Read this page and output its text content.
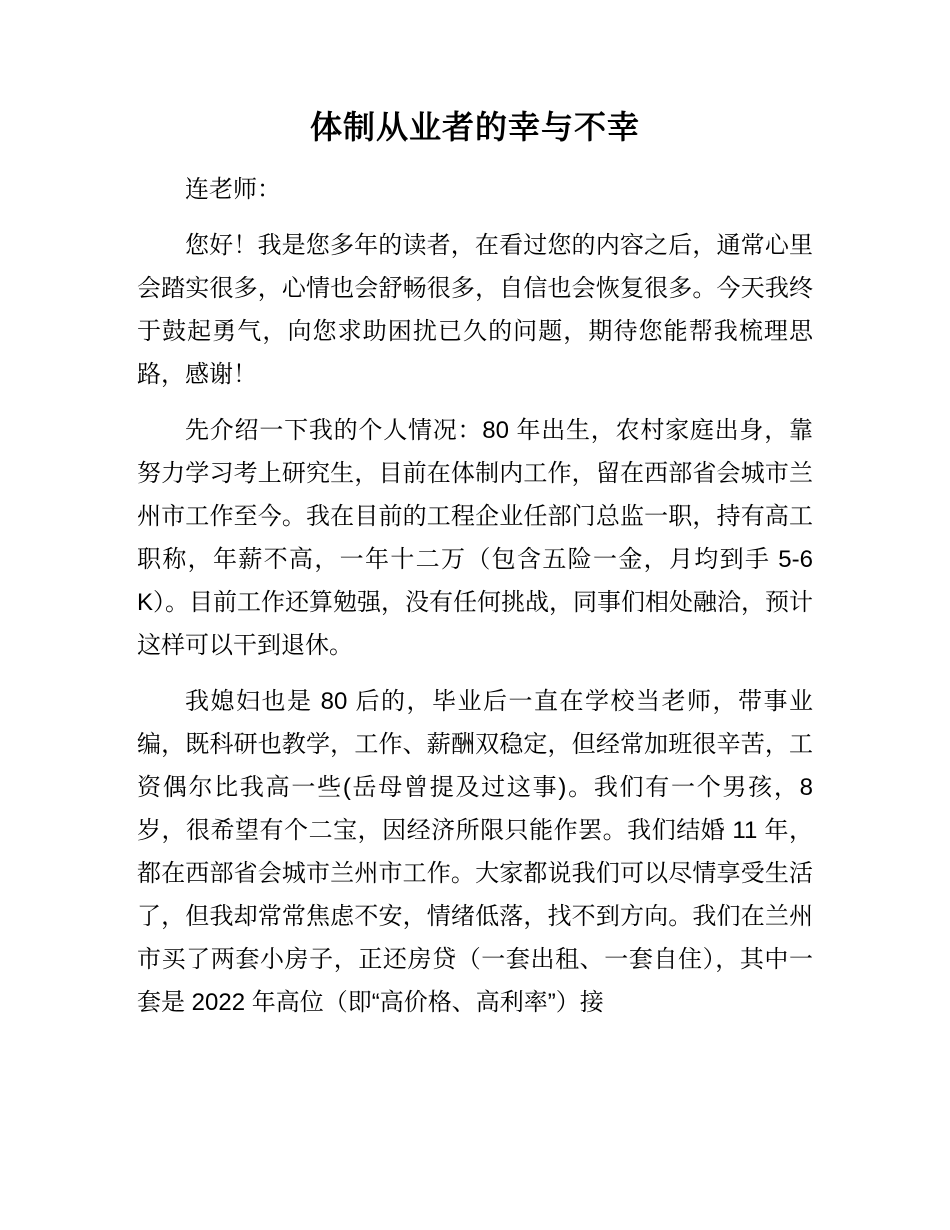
体制从业者的幸与不幸

连老师：

您好！我是您多年的读者，在看过您的内容之后，通常心里会踏实很多，心情也会舒畅很多，自信也会恢复很多。今天我终于鼓起勇气，向您求助困扰已久的问题，期待您能帮我梳理思路，感谢！

先介绍一下我的个人情况：80 年出生，农村家庭出身，靠努力学习考上研究生，目前在体制内工作，留在西部省会城市兰州市工作至今。我在目前的工程企业任部门总监一职，持有高工职称，年薪不高，一年十二万（包含五险一金，月均到手 5-6K）。目前工作还算勉强，没有任何挑战，同事们相处融洽，预计这样可以干到退休。

我媳妇也是 80 后的，毕业后一直在学校当老师，带事业编，既科研也教学，工作、薪酬双稳定，但经常加班很辛苦，工资偶尔比我高一些(岳母曾提及过这事)。我们有一个男孩，8 岁，很希望有个二宝，因经济所限只能作罢。我们结婚 11 年，都在西部省会城市兰州市工作。大家都说我们可以尽情享受生活了，但我却常常焦虑不安，情绪低落，找不到方向。我们在兰州市买了两套小房子，正还房贷（一套出租、一套自住），其中一套是 2022 年高位（即“高价格、高利率”）接
